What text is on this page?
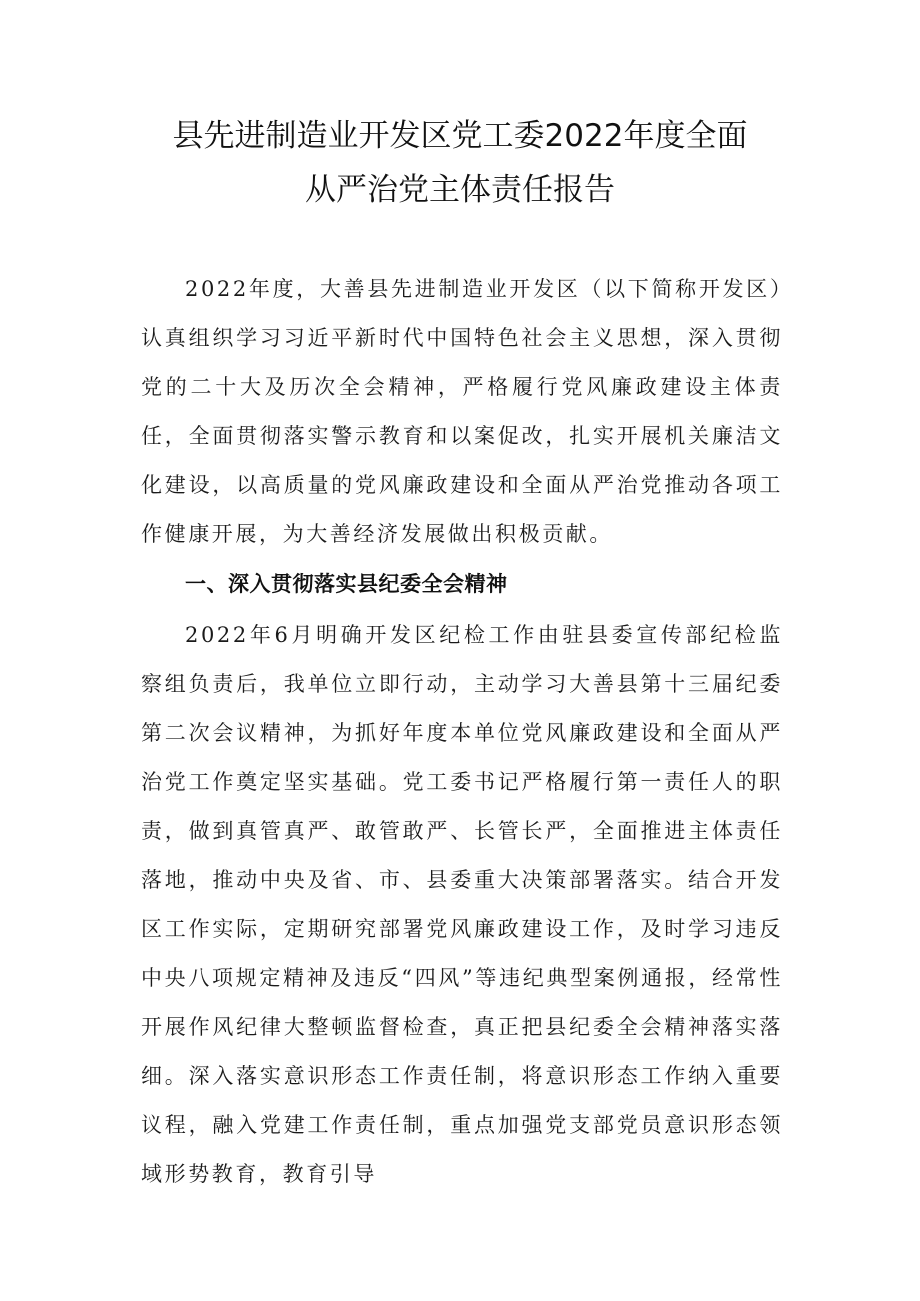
县先进制造业开发区党工委2022年度全面
从严治党主体责任报告

2022年度，大善县先进制造业开发区（以下简称开发区）认真组织学习习近平新时代中国特色社会主义思想，深入贯彻党的二十大及历次全会精神，严格履行党风廉政建设主体责任，全面贯彻落实警示教育和以案促改，扎实开展机关廉洁文化建设，以高质量的党风廉政建设和全面从严治党推动各项工作健康开展，为大善经济发展做出积极贡献。

一、深入贯彻落实县纪委全会精神

2022年6月明确开发区纪检工作由驻县委宣传部纪检监察组负责后，我单位立即行动，主动学习大善县第十三届纪委第二次会议精神，为抓好年度本单位党风廉政建设和全面从严治党工作奠定坚实基础。党工委书记严格履行第一责任人的职责，做到真管真严、敢管敢严、长管长严，全面推进主体责任落地，推动中央及省、市、县委重大决策部署落实。结合开发区工作实际，定期研究部署党风廉政建设工作，及时学习违反中央八项规定精神及违反“四风”等违纪典型案例通报，经常性开展作风纪律大整顿监督检查，真正把县纪委全会精神落实落细。深入落实意识形态工作责任制，将意识形态工作纳入重要议程，融入党建工作责任制，重点加强党支部党员意识形态领域形势教育，教育引导
